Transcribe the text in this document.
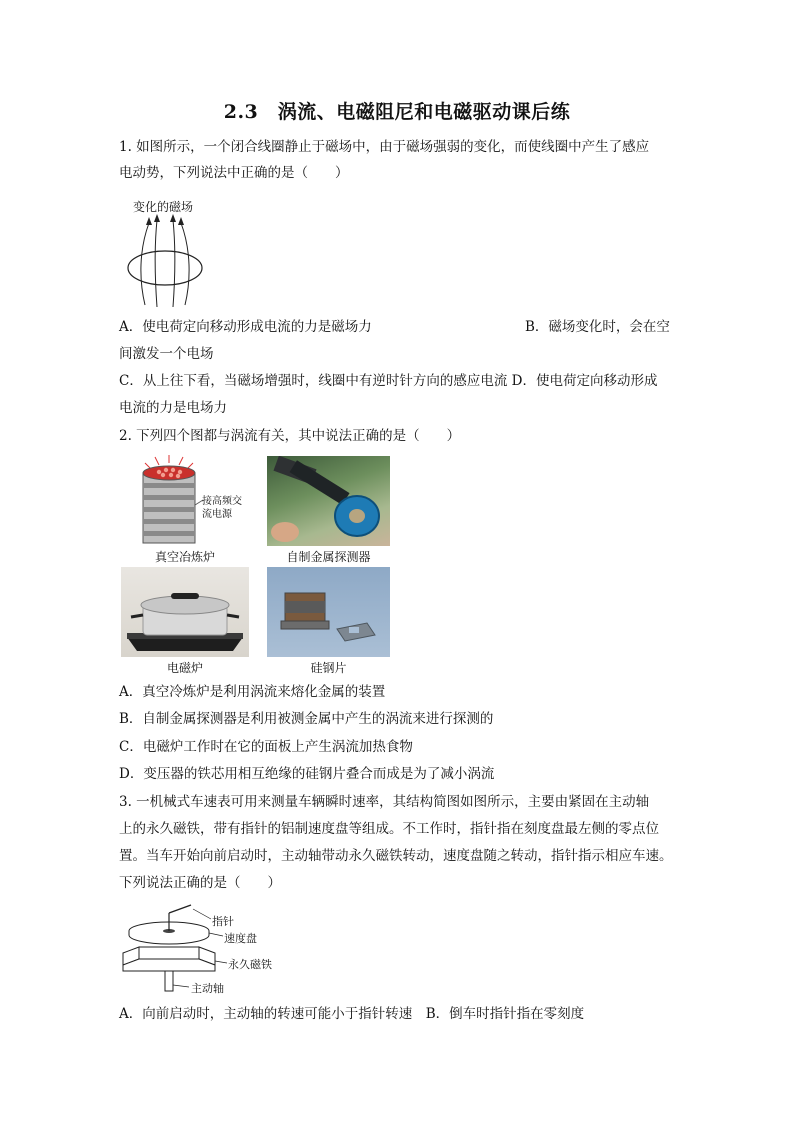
2.3　涡流、电磁阻尼和电磁驱动课后练
1. 如图所示，一个闭合线圈静止于磁场中，由于磁场强弱的变化，而使线圈中产生了感应
电动势，下列说法中正确的是（　　）
变化的磁场
A．使电荷定向移动形成电流的力是磁场力	B．磁场变化时，会在空
间激发一个电场
C．从上往下看，当磁场增强时，线圈中有逆时针方向的感应电流 D．使电荷定向移动形成
电流的力是电场力
2. 下列四个图都与涡流有关，其中说法正确的是（　　）
接高频交
流电源
真空冶炼炉	自制金属探测器
电磁炉	硅钢片
A．真空冷炼炉是利用涡流来熔化金属的装置
B．自制金属探测器是利用被测金属中产生的涡流来进行探测的
C．电磁炉工作时在它的面板上产生涡流加热食物
D．变压器的铁芯用相互绝缘的硅钢片叠合而成是为了减小涡流
3. 一机械式车速表可用来测量车辆瞬时速率，其结构简图如图所示，主要由紧固在主动轴
上的永久磁铁，带有指针的铝制速度盘等组成。不工作时，指针指在刻度盘最左侧的零点位
置。当车开始向前启动时，主动轴带动永久磁铁转动，速度盘随之转动，指针指示相应车速。
下列说法正确的是（　　）
指针
速度盘
永久磁铁
主动轴
A．向前启动时，主动轴的转速可能小于指针转速　B．倒车时指针指在零刻度
